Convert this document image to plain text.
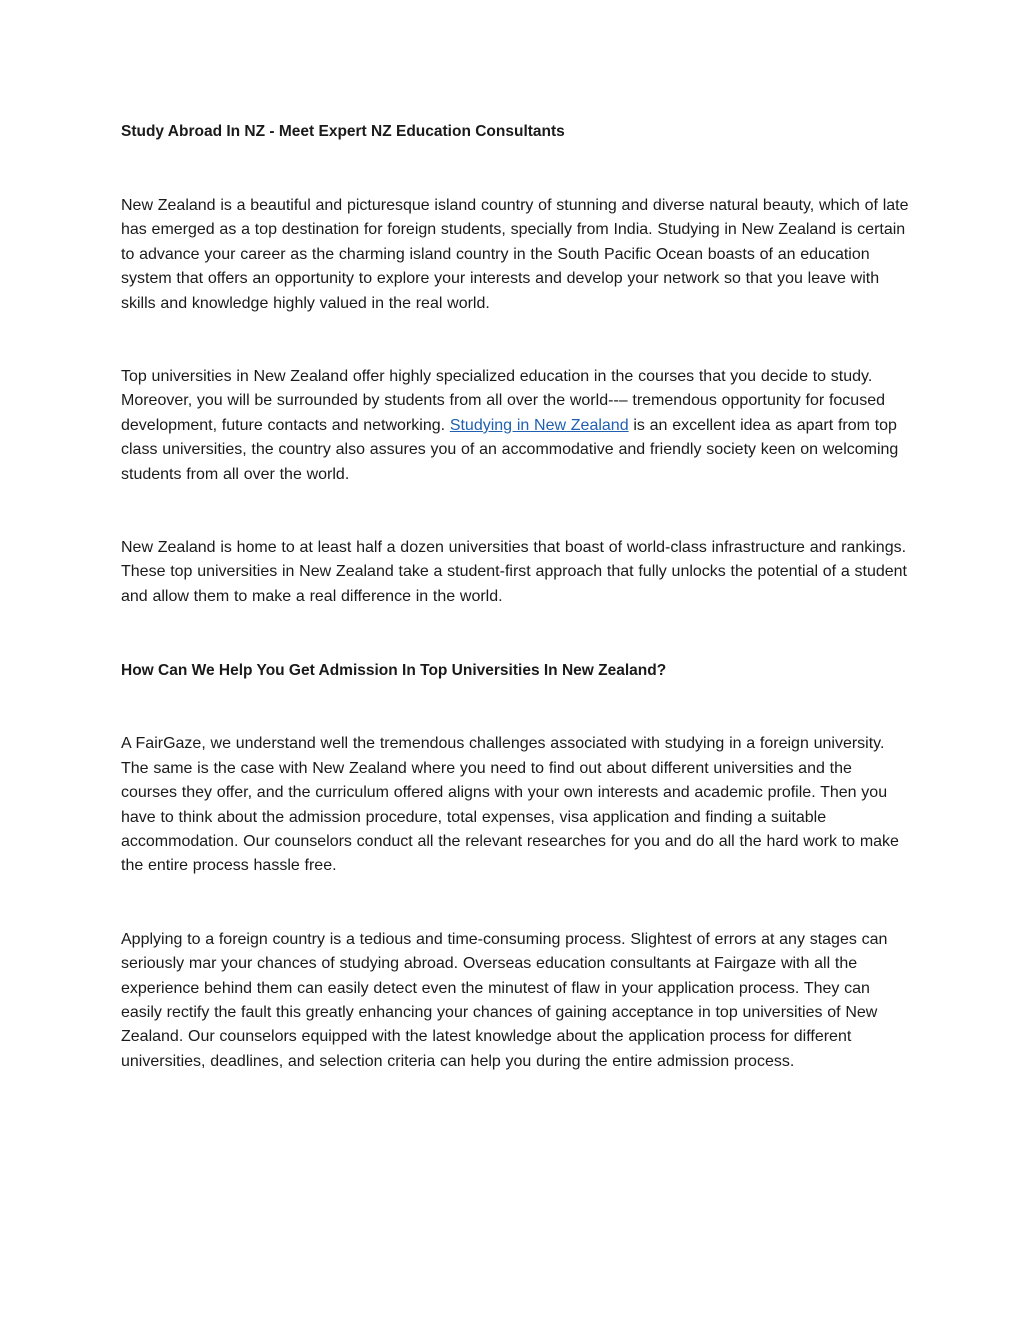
Study Abroad In NZ - Meet Expert NZ Education Consultants

New Zealand is a beautiful and picturesque island country of stunning and diverse natural beauty, which of late has emerged as a top destination for foreign students, specially from India. Studying in New Zealand is certain to advance your career as the charming island country in the South Pacific Ocean boasts of an education system that offers an opportunity to explore your interests and develop your network so that you leave with skills and knowledge highly valued in the real world.

Top universities in New Zealand offer highly specialized education in the courses that you decide to study. Moreover, you will be surrounded by students from all over the world--– tremendous opportunity for focused development, future contacts and networking. Studying in New Zealand is an excellent idea as apart from top class universities, the country also assures you of an accommodative and friendly society keen on welcoming students from all over the world.

New Zealand is home to at least half a dozen universities that boast of world-class infrastructure and rankings. These top universities in New Zealand take a student-first approach that fully unlocks the potential of a student and allow them to make a real difference in the world.

How Can We Help You Get Admission In Top Universities In New Zealand?

A FairGaze, we understand well the tremendous challenges associated with studying in a foreign university. The same is the case with New Zealand where you need to find out about different universities and the courses they offer, and the curriculum offered aligns with your own interests and academic profile. Then you have to think about the admission procedure, total expenses, visa application and finding a suitable accommodation. Our counselors conduct all the relevant researches for you and do all the hard work to make the entire process hassle free.

Applying to a foreign country is a tedious and time-consuming process. Slightest of errors at any stages can seriously mar your chances of studying abroad. Overseas education consultants at Fairgaze with all the experience behind them can easily detect even the minutest of flaw in your application process. They can easily rectify the fault this greatly enhancing your chances of gaining acceptance in top universities of New Zealand. Our counselors equipped with the latest knowledge about the application process for different universities, deadlines, and selection criteria can help you during the entire admission process.
